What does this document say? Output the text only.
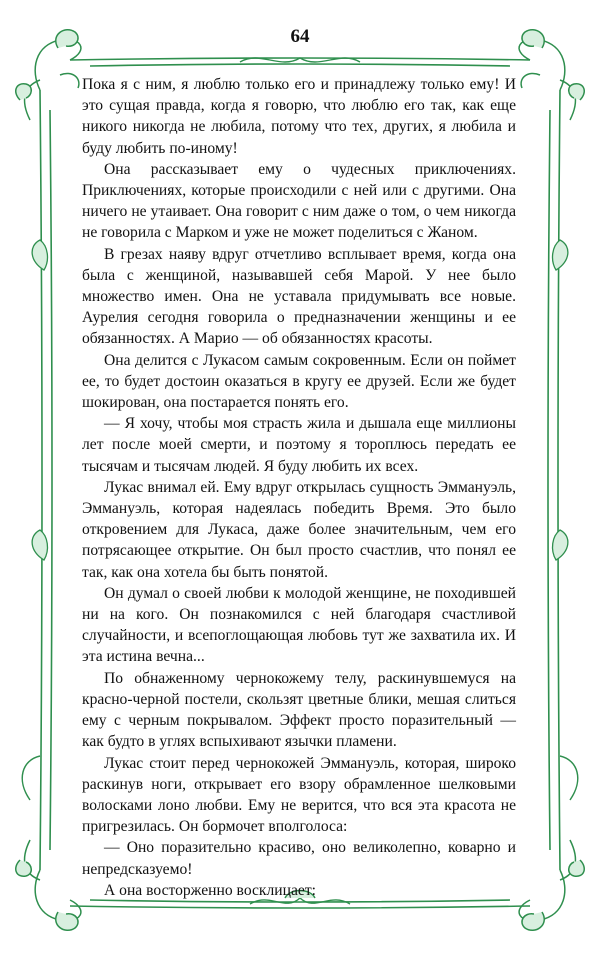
64

Пока я с ним, я люблю только его и принадлежу только ему! И это сущая правда, когда я говорю, что люблю его так, как еще никого никогда не любила, потому что тех, других, я любила и буду любить по-иному!

Она рассказывает ему о чудесных приключениях. Приключениях, которые происходили с ней или с другими. Она ничего не утаивает. Она говорит с ним даже о том, о чем никогда не говорила с Марком и уже не может поделиться с Жаном.

В грезах наяву вдруг отчетливо всплывает время, когда она была с женщиной, называвшей себя Марой. У нее было множество имен. Она не уставала придумывать все новые. Аурелия сегодня говорила о предназначении женщины и ее обязанностях. А Марио — об обязанностях красоты.

Она делится с Лукасом самым сокровенным. Если он поймет ее, то будет достоин оказаться в кругу ее друзей. Если же будет шокирован, она постарается понять его.

— Я хочу, чтобы моя страсть жила и дышала еще миллионы лет после моей смерти, и поэтому я тороплюсь передать ее тысячам и тысячам людей. Я буду любить их всех.

Лукас внимал ей. Ему вдруг открылась сущность Эммануэль, Эммануэль, которая надеялась победить Время. Это было откровением для Лукаса, даже более значительным, чем его потрясающее открытие. Он был просто счастлив, что понял ее так, как она хотела бы быть понятой.

Он думал о своей любви к молодой женщине, не походившей ни на кого. Он познакомился с ней благодаря счастливой случайности, и всепоглощающая любовь тут же захватила их. И эта истина вечна...

По обнаженному чернокожему телу, раскинувшемуся на красно-черной постели, скользят цветные блики, мешая слиться ему с черным покрывалом. Эффект просто поразительный — как будто в углях вспыхивают язычки пламени.

Лукас стоит перед чернокожей Эммануэль, которая, широко раскинув ноги, открывает его взору обрамленное шелковыми волосками лоно любви. Ему не верится, что вся эта красота не пригрезилась. Он бормочет вполголоса:

— Оно поразительно красиво, оно великолепно, коварно и непредсказуемо!

А она восторженно восклицает:
